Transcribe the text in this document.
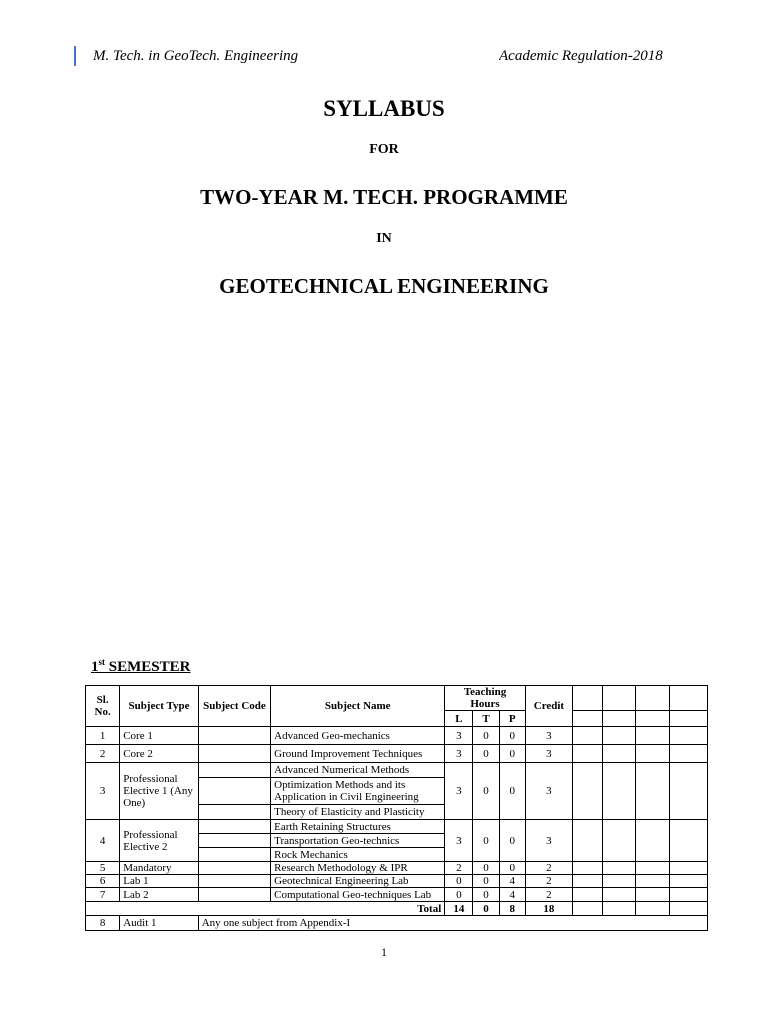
M. Tech. in GeoTech. Engineering	Academic Regulation-2018
SYLLABUS
FOR
TWO-YEAR M. TECH. PROGRAMME
IN
GEOTECHNICAL ENGINEERING
1st SEMESTER
Sl. No.	Subject Type	Subject Code	Subject Name	Teaching Hours			Credit				
				L	T	P					
1	Core 1		Advanced Geo-mechanics	3	0	0	3				
2	Core 2		Ground Improvement Techniques	3	0	0	3				
3	Professional Elective 1 (Any One)		Advanced Numerical Methods	3	0	0	3				
			Optimization Methods and its Application in Civil Engineering								
			Theory of Elasticity and Plasticity								
4	Professional Elective 2		Earth Retaining Structures	3	0	0	3				
			Transportation Geo-technics								
			Rock Mechanics								
5	Mandatory		Research Methodology & IPR	2	0	0	2				
6	Lab 1		Geotechnical Engineering Lab	0	0	4	2				
7	Lab 2		Computational Geo-techniques Lab	0	0	4	2				
Total				14	0	8	18				
8	Audit 1	Any one subject from Appendix-I									
1
